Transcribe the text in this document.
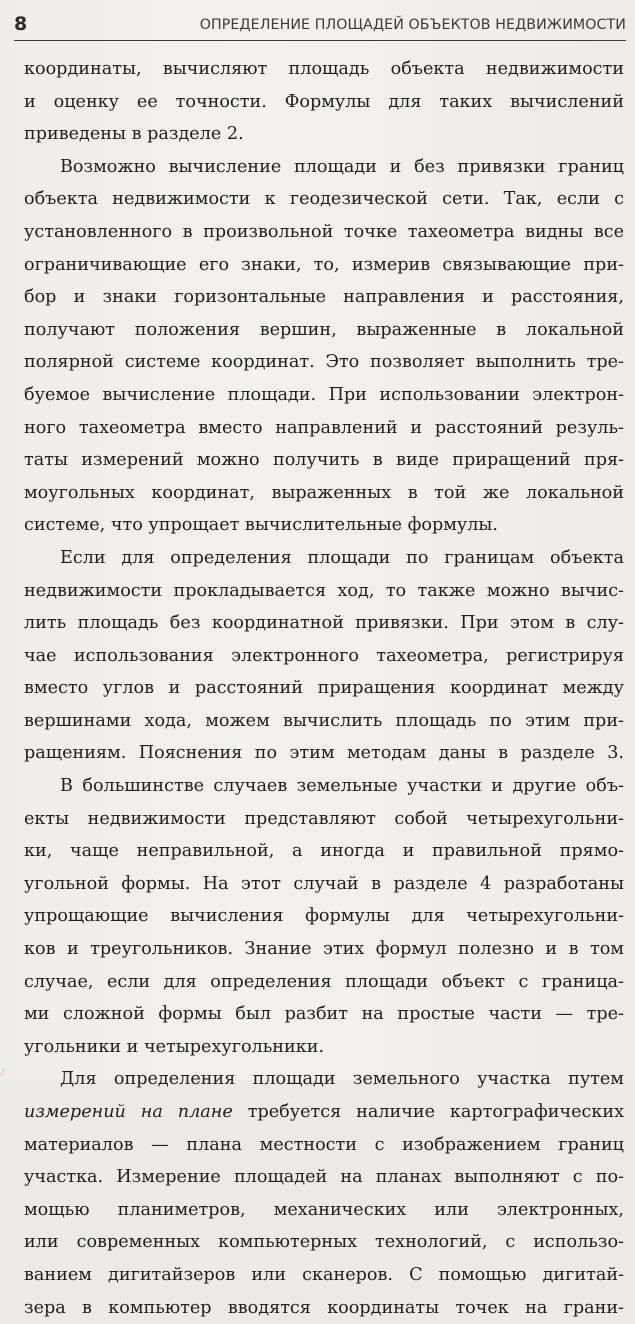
8	ОПРЕДЕЛЕНИЕ ПЛОЩАДЕЙ ОБЪЕКТОВ НЕДВИЖИМОСТИ
координаты, вычисляют площадь объекта недвижимости
и оценку ее точности. Формулы для таких вычислений
приведены в разделе 2.
Возможно вычисление площади и без привязки границ
объекта недвижимости к геодезической сети. Так, если с
установленного в произвольной точке тахеометра видны все
ограничивающие его знаки, то, измерив связывающие при-
бор и знаки горизонтальные направления и расстояния,
получают положения вершин, выраженные в локальной
полярной системе координат. Это позволяет выполнить тре-
буемое вычисление площади. При использовании электрон-
ного тахеометра вместо направлений и расстояний резуль-
таты измерений можно получить в виде приращений пря-
моугольных координат, выраженных в той же локальной
системе, что упрощает вычислительные формулы.
Если для определения площади по границам объекта
недвижимости прокладывается ход, то также можно вычис-
лить площадь без координатной привязки. При этом в слу-
чае использования электронного тахеометра, регистрируя
вместо углов и расстояний приращения координат между
вершинами хода, можем вычислить площадь по этим при-
ращениям. Пояснения по этим методам даны в разделе 3.
В большинстве случаев земельные участки и другие объ-
екты недвижимости представляют собой четырехугольни-
ки, чаще неправильной, а иногда и правильной прямо-
угольной формы. На этот случай в разделе 4 разработаны
упрощающие вычисления формулы для четырехугольни-
ков и треугольников. Знание этих формул полезно и в том
случае, если для определения площади объект с граница-
ми сложной формы был разбит на простые части — тре-
угольники и четырехугольники.
Для определения площади земельного участка путем
измерений на плане требуется наличие картографических
материалов — плана местности с изображением границ
участка. Измерение площадей на планах выполняют с по-
мощью планиметров, механических или электронных,
или современных компьютерных технологий, с использо-
ванием дигитайзеров или сканеров. С помощью дигитай-
зера в компьютер вводятся координаты точек на грани-
